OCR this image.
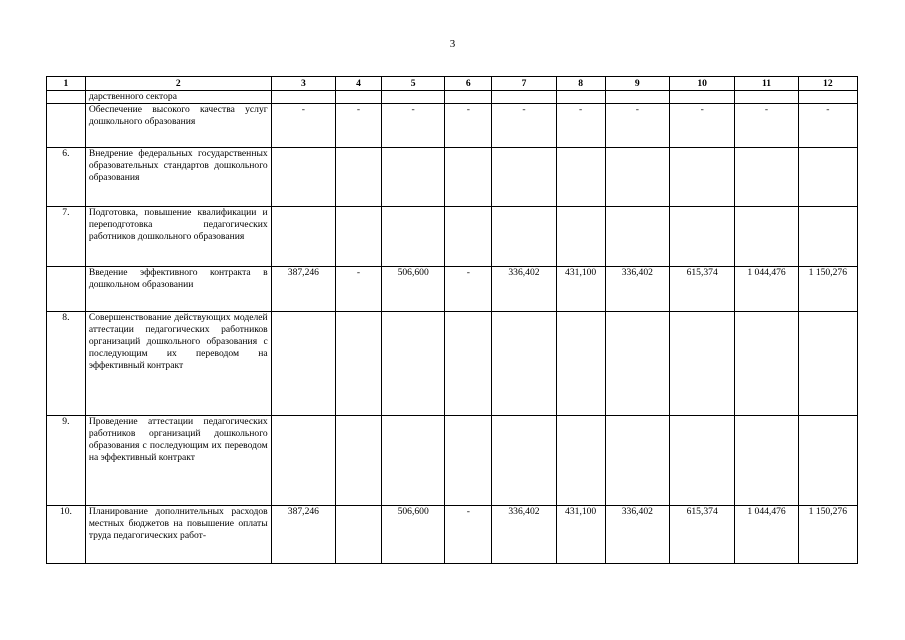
3
1	2	3	4	5	6	7	8	9	10	11	12
	дарственного сектора										
	Обеспечение высокого качества услуг дошкольного образования	-	-	-	-	-	-	-	-	-	-
6.	Внедрение федеральных государственных образовательных стандартов дошкольного образования										
7.	Подготовка, повышение квалификации и переподготовка педагогических работников дошкольного образования										
	Введение эффективного контракта в дошкольном образовании	387,246	-	506,600	-	336,402	431,100	336,402	615,374	1 044,476	1 150,276
8.	Совершенствование действующих моделей аттестации педагогических работников организаций дошкольного образования с последующим их переводом на эффективный контракт										
9.	Проведение аттестации педагогических работников организаций дошкольного образования с последующим их переводом на эффективный контракт										
10.	Планирование дополнительных расходов местных бюджетов на повышение оплаты труда педагогических работ-	387,246		506,600	-	336,402	431,100	336,402	615,374	1 044,476	1 150,276
